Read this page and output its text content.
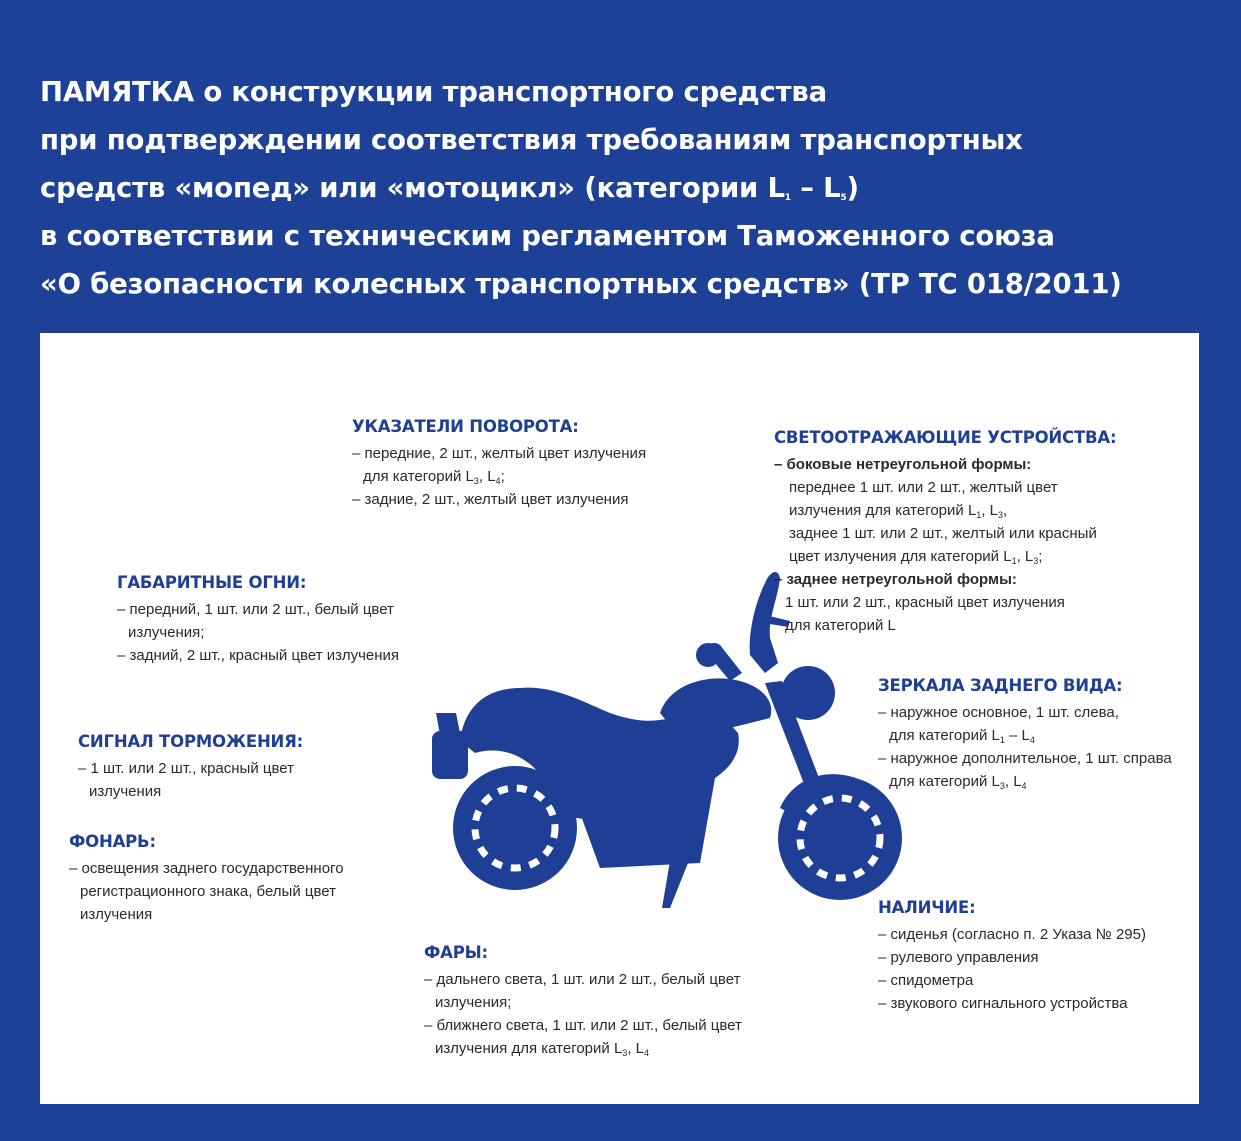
ПАМЯТКА о конструкции транспортного средства
при подтверждении соответствия требованиям транспортных
средств «мопед» или «мотоцикл» (категории $L_1 - L_5$)
в соответствии с техническим регламентом Таможенного союза
«О безопасности колесных транспортных средств» (ТР ТС 018/2011)
УКАЗАТЕЛИ ПОВОРОТА:
– передние, 2 шт., желтый цвет излучения
для категорий $L_3$, $L_4$;
– задние, 2 шт., желтый цвет излучения
СВЕТООТРАЖАЮЩИЕ УСТРОЙСТВА:
– боковые нетреугольной формы:
переднее 1 шт. или 2 шт., желтый цвет
излучения для категорий $L_1$, $L_3$,
заднее 1 шт. или 2 шт., желтый или красный
цвет излучения для категорий $L_1$, $L_3$;
– заднее нетреугольной формы:
1 шт. или 2 шт., красный цвет излучения
для категорий L
ГАБАРИТНЫЕ ОГНИ:
– передний, 1 шт. или 2 шт., белый цвет
излучения;
– задний, 2 шт., красный цвет излучения
ЗЕРКАЛА ЗАДНЕГО ВИДА:
– наружное основное, 1 шт. слева,
для категорий $L_1 - L_4$
– наружное дополнительное, 1 шт. справа
для категорий $L_3$, $L_4$
СИГНАЛ ТОРМОЖЕНИЯ:
– 1 шт. или 2 шт., красный цвет
излучения
ФОНАРЬ:
– освещения заднего государственного
регистрационного знака, белый цвет
излучения	НАЛИЧИЕ:
– сиденья (согласно п. 2 Указа № 295)
– рулевого управления
– спидометра
– звукового сигнального устройства
ФАРЫ:
– дальнего света, 1 шт. или 2 шт., белый цвет
излучения;
– ближнего света, 1 шт. или 2 шт., белый цвет
излучения для категорий $L_3$, $L_4$
